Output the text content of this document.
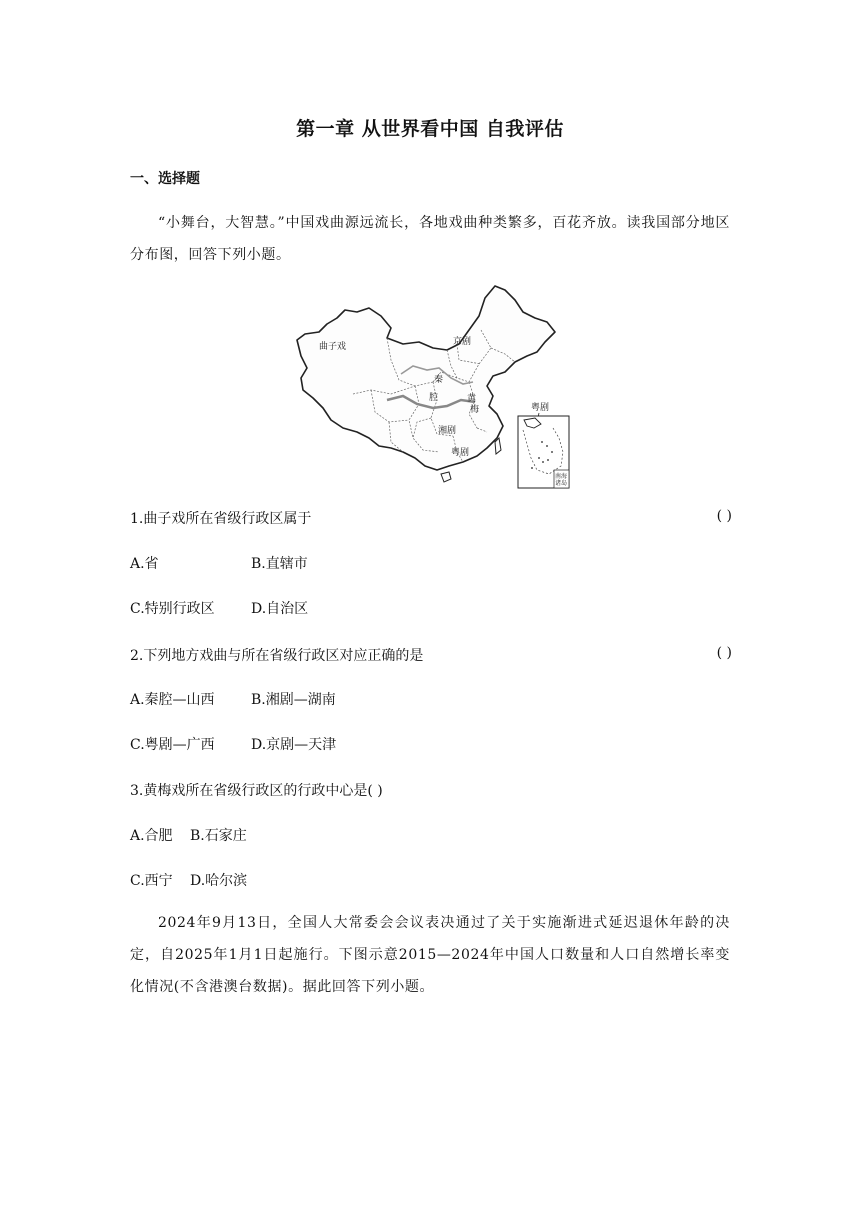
第一章 从世界看中国 自我评估
一、选择题
“小舞台，大智慧。”中国戏曲源远流长，各地戏曲种类繁多，百花齐放。读我国部分地区分布图，回答下列小题。
曲子戏	京剧
秦
腔	黄
梅
湘剧
粤剧
粤剧
南海
诸岛
1.曲子戏所在省级行政区属于	( )
A.省	B.直辖市
C.特别行政区	D.自治区
2.下列地方戏曲与所在省级行政区对应正确的是	( )
A.秦腔—山西	B.湘剧—湖南
C.粤剧—广西	D.京剧—天津
3.黄梅戏所在省级行政区的行政中心是( )
A.合肥 B.石家庄
C.西宁 D.哈尔滨
2024年9月13日，全国人大常委会会议表决通过了关于实施渐进式延迟退休年龄的决定，自2025年1月1日起施行。下图示意2015—2024年中国人口数量和人口自然增长率变化情况(不含港澳台数据)。据此回答下列小题。
